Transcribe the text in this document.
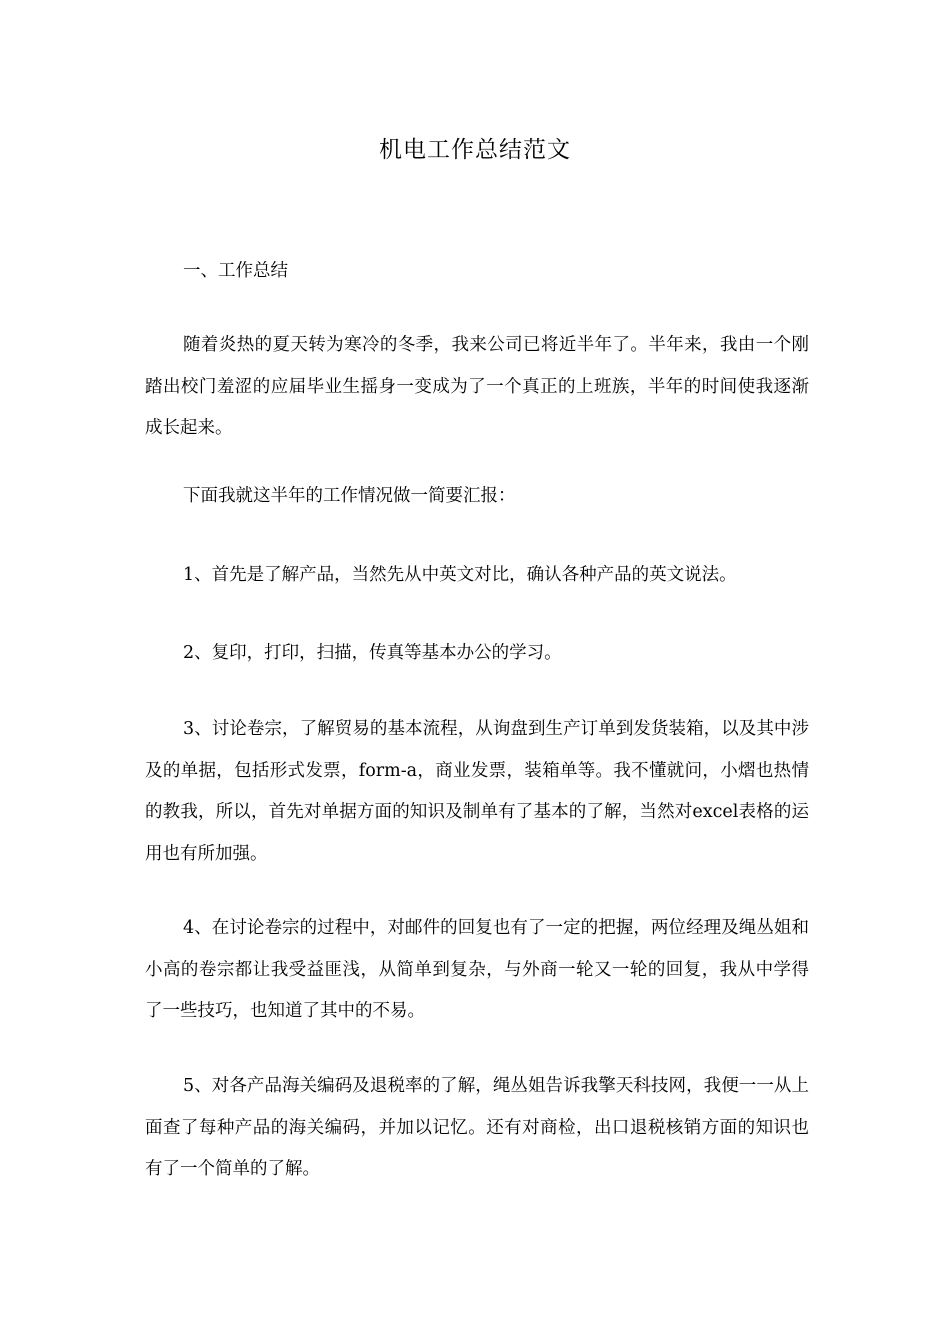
机电工作总结范文

一、工作总结

随着炎热的夏天转为寒冷的冬季，我来公司已将近半年了。半年来，我由一个刚踏出校门羞涩的应届毕业生摇身一变成为了一个真正的上班族，半年的时间使我逐渐成长起来。

下面我就这半年的工作情况做一简要汇报：

1、首先是了解产品，当然先从中英文对比，确认各种产品的英文说法。

2、复印，打印，扫描，传真等基本办公的学习。

3、讨论卷宗，了解贸易的基本流程，从询盘到生产订单到发货装箱，以及其中涉及的单据，包括形式发票，form-a，商业发票，装箱单等。我不懂就问，小熠也热情的教我，所以，首先对单据方面的知识及制单有了基本的了解，当然对excel表格的运用也有所加强。

4、在讨论卷宗的过程中，对邮件的回复也有了一定的把握，两位经理及绳丛姐和小高的卷宗都让我受益匪浅，从简单到复杂，与外商一轮又一轮的回复，我从中学得了一些技巧，也知道了其中的不易。

5、对各产品海关编码及退税率的了解，绳丛姐告诉我擎天科技网，我便一一从上面查了每种产品的海关编码，并加以记忆。还有对商检，出口退税核销方面的知识也有了一个简单的了解。
